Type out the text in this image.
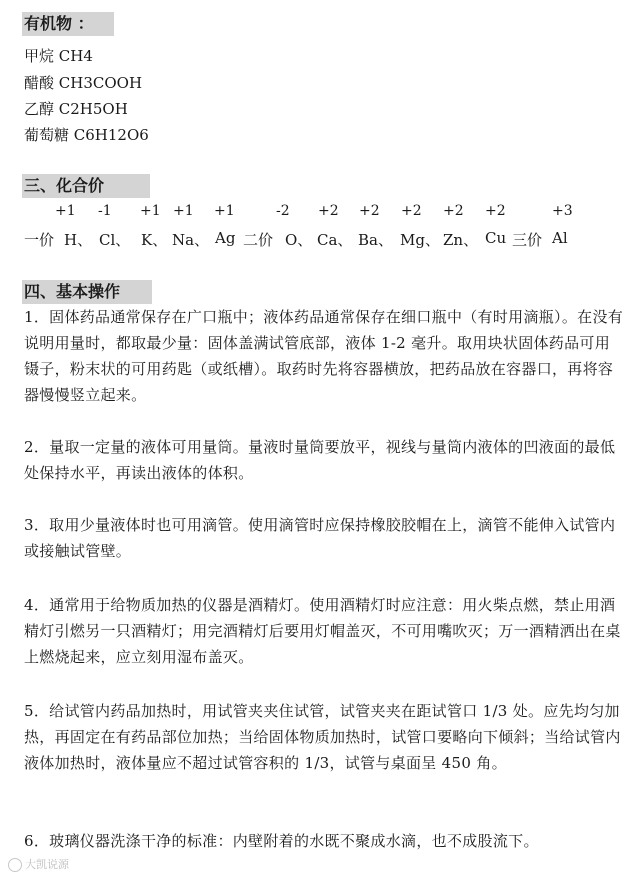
有机物 ：
甲烷 CH4
醋酸 CH3COOH
乙醇 C2H5OH
葡萄糖 C6H12O6
三、化合价
+1 -1 +1 +1 +1	-2 +2 +2 +2 +2 +2	+3
一价 H、 Cl、 K、 Na、 Ag 二价 O、 Ca、 Ba、 Mg、 Zn、 Cu 三价 Al
四、基本操作
1．固体药品通常保存在广口瓶中；液体药品通常保存在细口瓶中（有时用滴瓶）。在没有说明用量时，都取最少量：固体盖满试管底部，液体 1-2 毫升。取用块状固体药品可用镊子，粉末状的可用药匙（或纸槽）。取药时先将容器横放，把药品放在容器口，再将容器慢慢竖立起来。
2．量取一定量的液体可用量筒。量液时量筒要放平，视线与量筒内液体的凹液面的最低处保持水平，再读出液体的体积。
3．取用少量液体时也可用滴管。使用滴管时应保持橡胶胶帽在上，滴管不能伸入试管内或接触试管壁。
4．通常用于给物质加热的仪器是酒精灯。使用酒精灯时应注意：用火柴点燃，禁止用酒精灯引燃另一只酒精灯；用完酒精灯后要用灯帽盖灭，不可用嘴吹灭；万一酒精洒出在桌上燃烧起来，应立刻用湿布盖灭。
5．给试管内药品加热时，用试管夹夹住试管，试管夹夹在距试管口 1/3 处。应先均匀加热，再固定在有药品部位加热；当给固体物质加热时，试管口要略向下倾斜；当给试管内液体加热时，液体量应不超过试管容积的 1/3，试管与桌面呈 450 角。
6．玻璃仪器洗涤干净的标准：内壁附着的水既不聚成水滴，也不成股流下。
大凯说源
